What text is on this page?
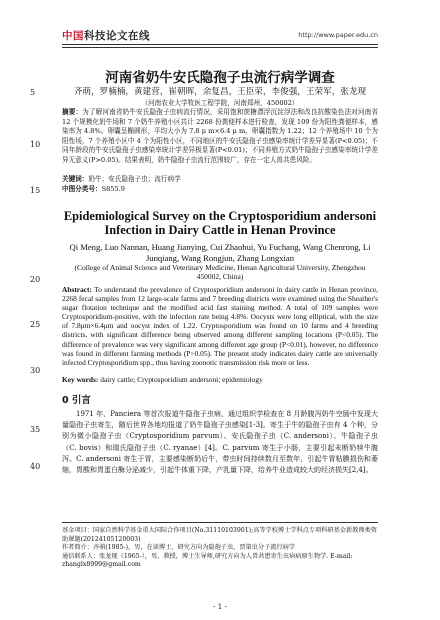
中国科技论文在线	http://www.paper.edu.cn
5
10
15
20
25
30
35
40
河南省奶牛安氏隐孢子虫流行病学调查
齐萌，罗楠楠，黄建营，崔朝晖，余复昌，王臣荣，李俊强，王荣军，张龙现
（河南农业大学牧医工程学院，河南郑州，450002）
摘要：为了解河南省奶牛安氏隐孢子虫病流行情况，采用饱和蔗糖漂浮沉淀浮法和改良抗酸染色法对河南省 12 个规模化奶牛场和 7 个奶牛养殖小区共计 2268 份粪便样本进行检查，发现 109 份为阳性粪便样本，感染率为 4.8%。卵囊呈椭圆形，平均大小为 7.8 μ m×6.4 μ m，卵囊指数为 1.22；12 个养殖场中 10 个为阳性场，7 个养殖小区中 4 个为阳性小区，不同地区的牛安氏隐孢子虫感染率统计学差异显著(P<0.05)；不同年龄段的牛安氏隐孢子虫感染率统计学差异极显著(P<0.01)；不同养殖方式奶牛隐孢子虫感染率统计学差异无意义(P>0.05)。结果表明，奶牛隐孢子虫流行范围较广，存在一定人兽共患风险。
关键词：奶牛；安氏隐孢子虫；流行病学
中图分类号：S855.9
Epidemiological Survey on the Cryptosporidium andersoni Infection in Dairy Cattle in Henan Province
Qi Meng, Luo Nannan, Huang Jianying, Cui Zhaohui, Yu Fuchang, Wang Chenrong, Li Junqiang, Wang Rongjun, Zhang Longxian
(College of Animal Science and Veterinary Medicine, Henan Agricultural University, Zhengzhou 450002, China)
Abstract: To understand the prevalence of Cryptosporidium andersoni in dairy cattle in Henan province, 2268 fecal samples from 12 large-scale farms and 7 breeding districts were examined using the Sheather's sugar flotation technique and the modified acid fast staining method. A total of 109 samples were Cryptosporidium-positive, with the infection rate being 4.8%. Oocysts were long elliptical, with the size of 7.8μm×6.4μm and oocyst index of 1.22. Cryptosporidium was found on 10 farms and 4 breeding districts, with significant difference being observed among different sampling locations (P<0.05). The difference of prevalence was very significant among different age group (P<0.01), however, no difference was found in different farming methods (P>0.05). The present study indicates dairy cattle are universally infected Cryptosporidium spp., thus having zoonotic transmission risk more or less.
Key words: dairy cattle; Cryptosporidium andersoni; epidemiology
0 引言
1971 年，Panciera 等首次报道牛隐孢子虫病，通过组织学检查在 8 月龄腹泻奶牛空肠中发现大量隐孢子虫寄生，随后世界各地均报道了奶牛隐孢子虫感染[1-3]。寄生于牛的隐孢子虫有 4 个种，分别为微小隐孢子虫（Cryptosporidium parvum）、安氏隐孢子虫（C. andersoni）、牛隐孢子虫（C. bovis）和瑞氏隐孢子虫（C. ryanae）[4]。C. parvum 寄生于小肠，主要引起未断奶犊牛腹泻。C. andersoni 寄生于胃，主要感染断奶后牛，带虫时间持续数月至数年，引起牛胃粘膜损伤和萎缩，胃酸和胃蛋白酶分泌减少，引起牛体重下降，产乳量下降，给养牛业造成较大的经济损失[2,4]。
基金项目：国家自然科学基金重大国际合作项目(No.31110103901);高等学校博士学科点专项科研基金新教师类资助课题(20124105120003)
作者简介：齐萌(1985-)，男，在读博士，研究方向为隐孢子虫、贾第虫分子流行病学
通信联系人：张龙现（1965-），男，教授，博士生导师,研究方向为人兽共患寄生虫病病原生物学. E-mail: zhanglx8999@gmail.com
- 1 -
